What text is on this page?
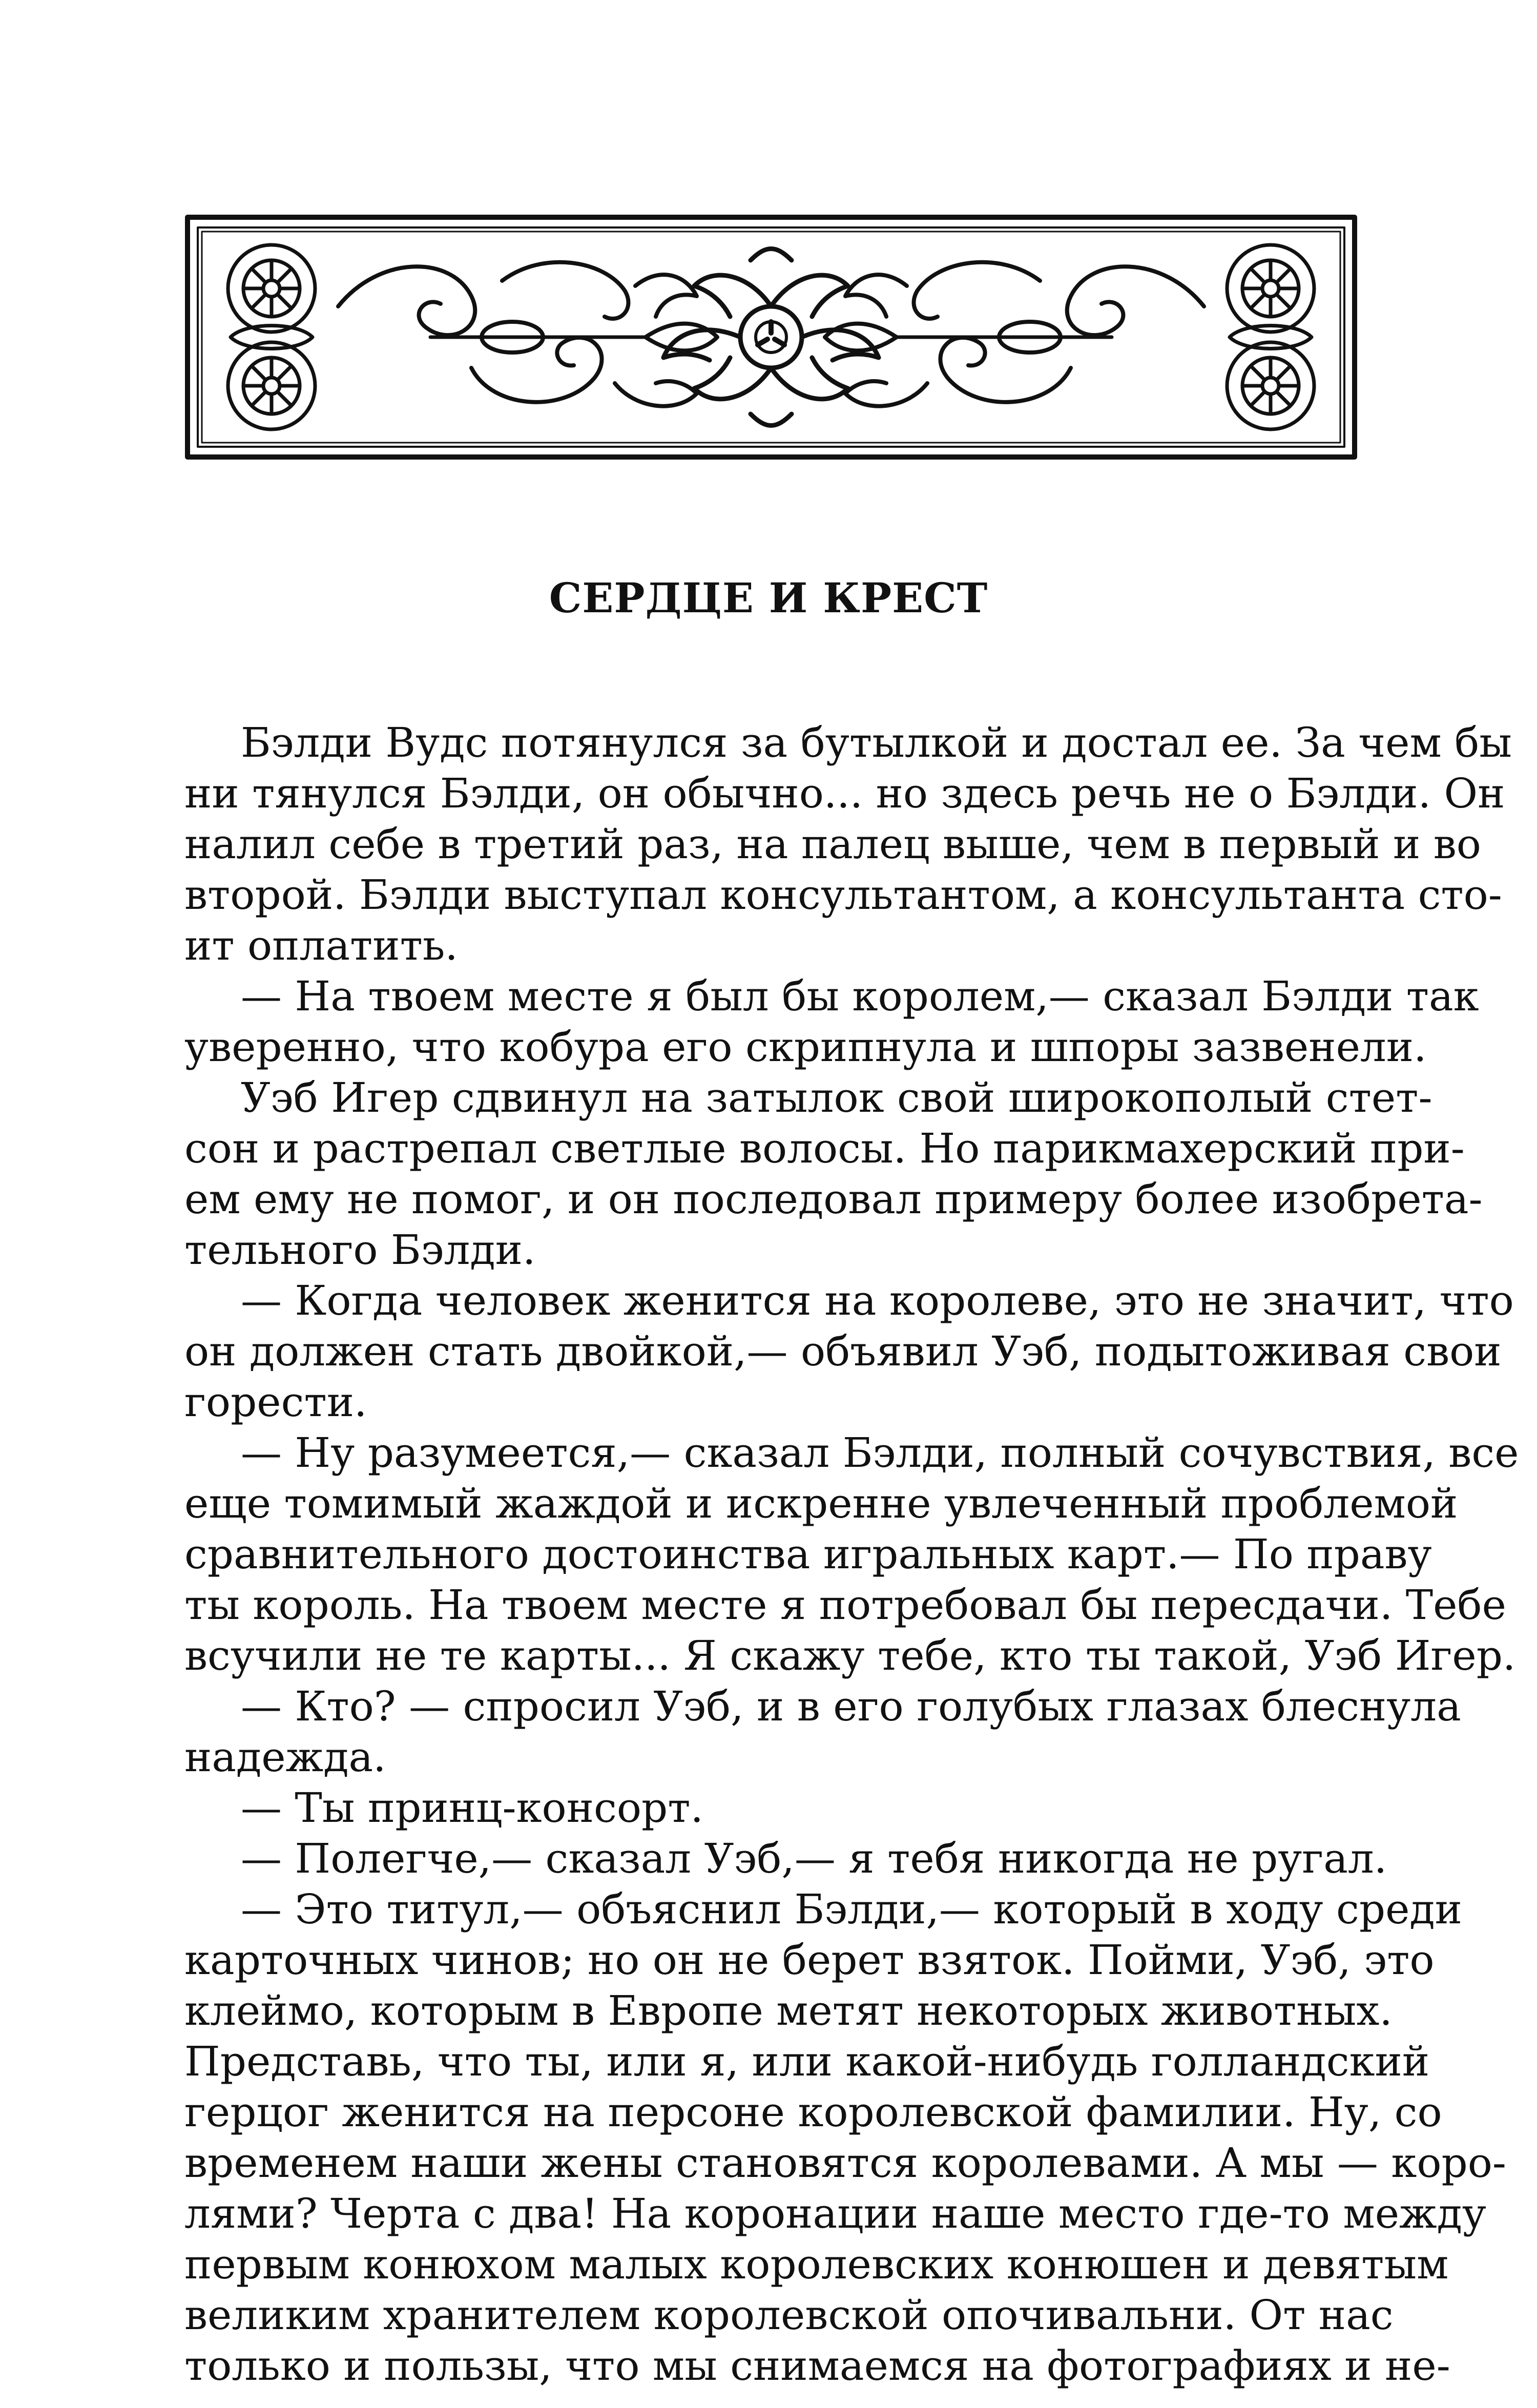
СЕРДЦЕ И КРЕСТ
Бэлди Вудс потянулся за бутылкой и достал ее. За чем бы
ни тянулся Бэлди, он обычно... но здесь речь не о Бэлди. Он
налил себе в третий раз, на палец выше, чем в первый и во
второй. Бэлди выступал консультантом, а консультанта сто-
ит оплатить.
— На твоем месте я был бы королем,— сказал Бэлди так
уверенно, что кобура его скрипнула и шпоры зазвенели.
Уэб Игер сдвинул на затылок свой широкополый стет-
сон и растрепал светлые волосы. Но парикмахерский при-
ем ему не помог, и он последовал примеру более изобрета-
тельного Бэлди.
— Когда человек женится на королеве, это не значит, что
он должен стать двойкой,— объявил Уэб, подытоживая свои
горести.
— Ну разумеется,— сказал Бэлди, полный сочувствия, все
еще томимый жаждой и искренне увлеченный проблемой
сравнительного достоинства игральных карт.— По праву
ты король. На твоем месте я потребовал бы пересдачи. Тебе
всучили не те карты... Я скажу тебе, кто ты такой, Уэб Игер.
— Кто? — спросил Уэб, и в его голубых глазах блеснула
надежда.
— Ты принц-консорт.
— Полегче,— сказал Уэб,— я тебя никогда не ругал.
— Это титул,— объяснил Бэлди,— который в ходу среди
карточных чинов; но он не берет взяток. Пойми, Уэб, это
клеймо, которым в Европе метят некоторых животных.
Представь, что ты, или я, или какой-нибудь голландский
герцог женится на персоне королевской фамилии. Ну, со
временем наши жены становятся королевами. А мы — коро-
лями? Черта с два! На коронации наше место где-то между
первым конюхом малых королевских конюшен и девятым
великим хранителем королевской опочивальни. От нас
только и пользы, что мы снимаемся на фотографиях и не-
